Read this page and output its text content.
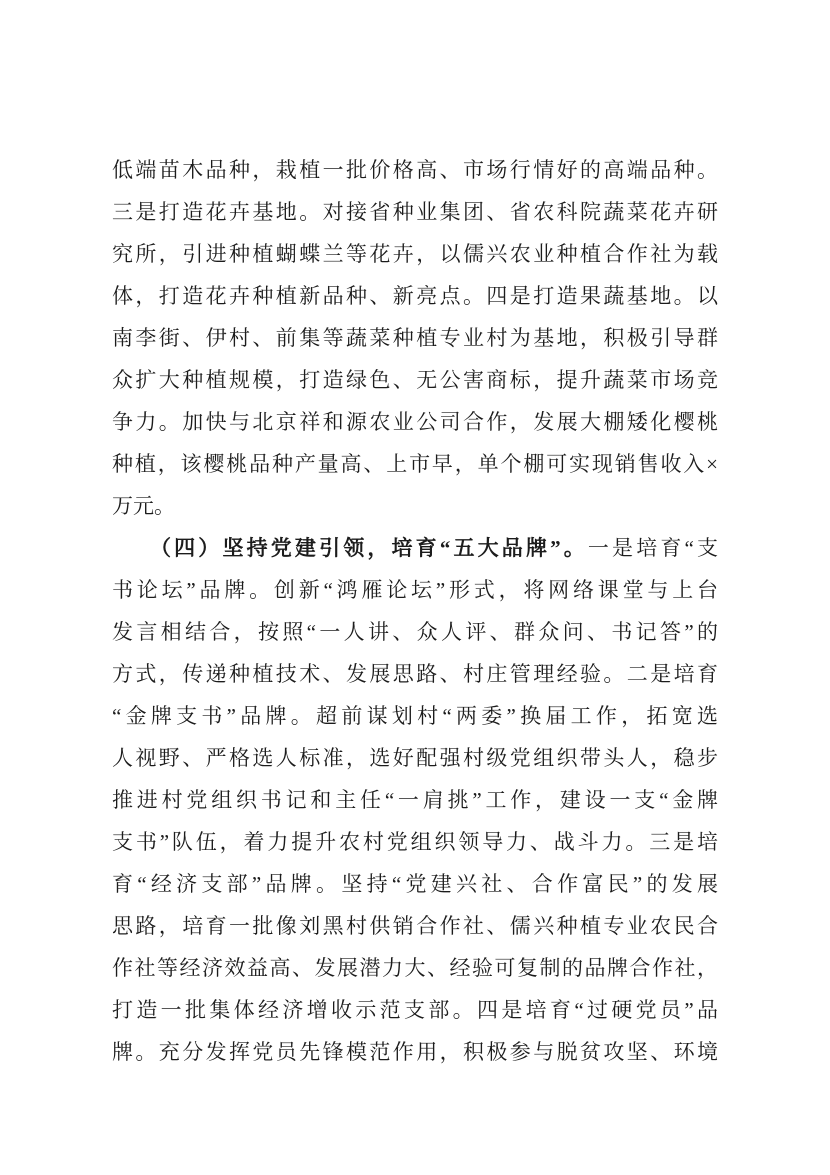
低端苗木品种，栽植一批价格高、市场行情好的高端品种。
三是打造花卉基地。对接省种业集团、省农科院蔬菜花卉研
究所，引进种植蝴蝶兰等花卉，以儒兴农业种植合作社为载
体，打造花卉种植新品种、新亮点。四是打造果蔬基地。以
南李街、伊村、前集等蔬菜种植专业村为基地，积极引导群
众扩大种植规模，打造绿色、无公害商标，提升蔬菜市场竞
争力。加快与北京祥和源农业公司合作，发展大棚矮化樱桃
种植，该樱桃品种产量高、上市早，单个棚可实现销售收入×
万元。
（四）坚持党建引领，培育“五大品牌”。一是培育“支
书论坛”品牌。创新“鸿雁论坛”形式，将网络课堂与上台
发言相结合，按照“一人讲、众人评、群众问、书记答”的
方式，传递种植技术、发展思路、村庄管理经验。二是培育
“金牌支书”品牌。超前谋划村“两委”换届工作，拓宽选
人视野、严格选人标准，选好配强村级党组织带头人，稳步
推进村党组织书记和主任“一肩挑”工作，建设一支“金牌
支书”队伍，着力提升农村党组织领导力、战斗力。三是培
育“经济支部”品牌。坚持“党建兴社、合作富民”的发展
思路，培育一批像刘黑村供销合作社、儒兴种植专业农民合
作社等经济效益高、发展潜力大、经验可复制的品牌合作社，
打造一批集体经济增收示范支部。四是培育“过硬党员”品
牌。充分发挥党员先锋模范作用，积极参与脱贫攻坚、环境
